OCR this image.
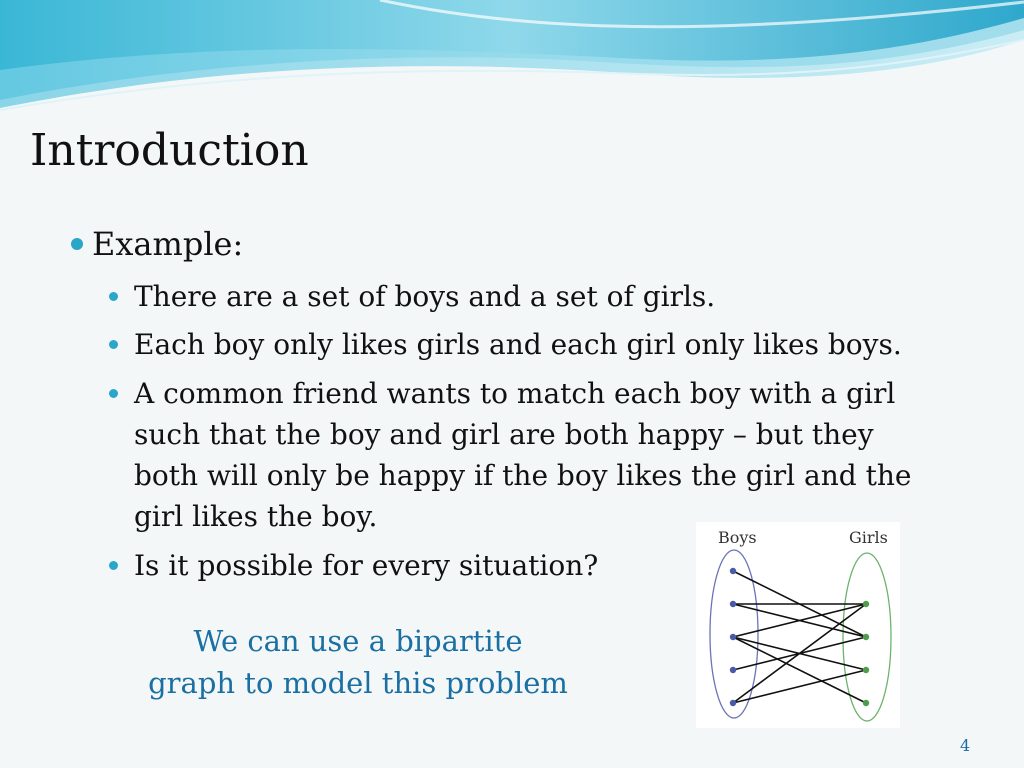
Introduction
Example:
There are a set of boys and a set of girls.
Each boy only likes girls and each girl only likes boys.
A common friend wants to match each boy with a girl such that the boy and girl are both happy – but they both will only be happy if the boy likes the girl and the girl likes the boy.
Is it possible for every situation?
We can use a bipartite graph to model this problem
Boys	Girls
4
